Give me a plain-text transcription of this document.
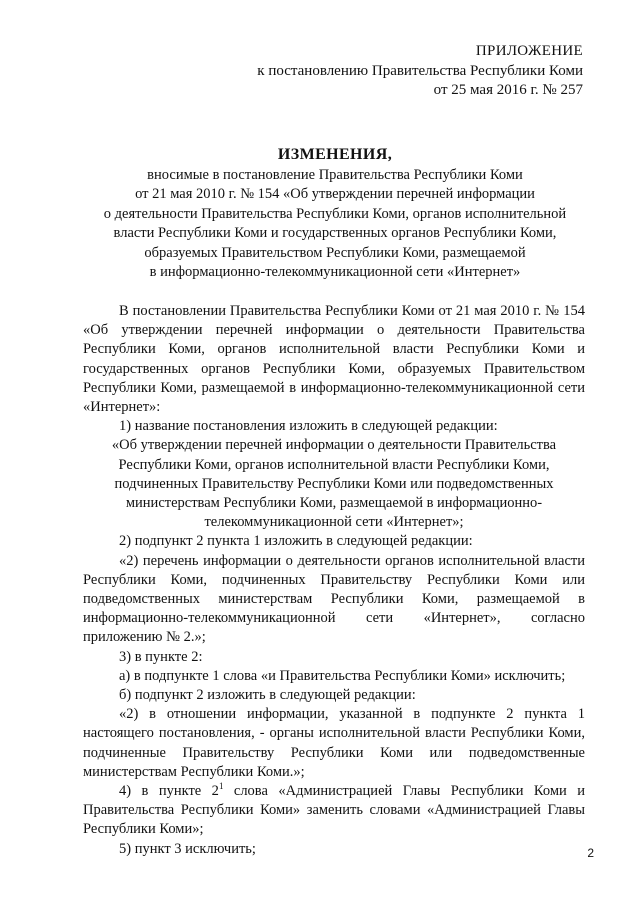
ПРИЛОЖЕНИЕ
к постановлению Правительства Республики Коми
от 25 мая 2016 г. № 257
ИЗМЕНЕНИЯ,
вносимые в постановление Правительства Республики Коми
от 21 мая 2010 г. № 154 «Об утверждении перечней информации
о деятельности Правительства Республики Коми, органов исполнительной
власти Республики Коми и государственных органов Республики Коми,
образуемых Правительством Республики Коми, размещаемой
в информационно-телекоммуникационной сети «Интернет»

В постановлении Правительства Республики Коми от 21 мая 2010 г. № 154 «Об утверждении перечней информации о деятельности Правительства Республики Коми, органов исполнительной власти Республики Коми и государственных органов Республики Коми, образуемых Правительством Республики Коми, размещаемой в информационно-телекоммуникационной сети «Интернет»:

1) название постановления изложить в следующей редакции:

«Об утверждении перечней информации о деятельности Правительства Республики Коми, органов исполнительной власти Республики Коми, подчиненных Правительству Республики Коми или подведомственных министерствам Республики Коми, размещаемой в информационно-телекоммуникационной сети «Интернет»;

2) подпункт 2 пункта 1 изложить в следующей редакции:

«2) перечень информации о деятельности органов исполнительной власти Республики Коми, подчиненных Правительству Республики Коми или подведомственных министерствам Республики Коми, размещаемой в информационно-телекоммуникационной сети «Интернет», согласно приложению № 2.»;

3) в пункте 2:

а) в подпункте 1 слова «и Правительства Республики Коми» исключить;

б) подпункт 2 изложить в следующей редакции:

«2) в отношении информации, указанной в подпункте 2 пункта 1 настоящего постановления, - органы исполнительной власти Республики Коми, подчиненные Правительству Республики Коми или подведомственные министерствам Республики Коми.»;

4) в пункте $2^1$ слова «Администрацией Главы Республики Коми и Правительства Республики Коми» заменить словами «Администрацией Главы Республики Коми»;

5) пункт 3 исключить;	2
